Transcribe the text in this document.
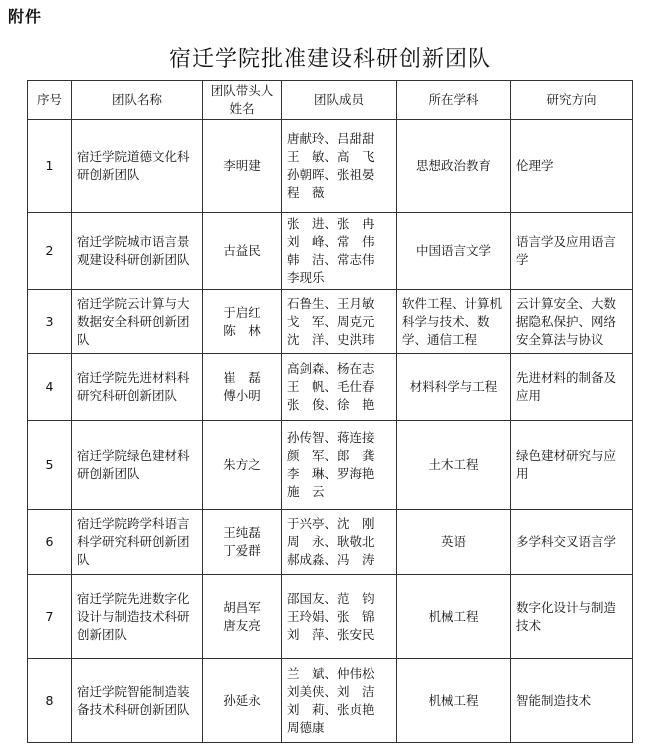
附件
宿迁学院批准建设科研创新团队
序号	团队名称	团队带头人姓名	团队成员	所在学科	研究方向
1	宿迁学院道德文化科研创新团队	李明建	唐献玲、吕甜甜
王　敏、高　飞
孙朝晖、张祖晏
程　薇	思想政治教育	伦理学
2	宿迁学院城市语言景观建设科研创新团队	古益民	张　进、张　冉
刘　峰、常　伟
韩　洁、常志伟
李现乐	中国语言文学	语言学及应用语言学
3	宿迁学院云计算与大数据安全科研创新团队	于启红
陈　林	石鲁生、王月敏
戈　军、周克元
沈　洋、史洪玮	软件工程、计算机科学与技术、数学、通信工程	云计算安全、大数据隐私保护、网络安全算法与协议
4	宿迁学院先进材料科研究科研创新团队	崔　磊
傅小明	高剑森、杨在志
王　帆、毛仕春
张　俊、徐　艳	材料科学与工程	先进材料的制备及应用
5	宿迁学院绿色建材科研创新团队	朱方之	孙传智、蒋连接
颜　军、郎　龚
李　琳、罗海艳
施　云	土木工程	绿色建材研究与应用
6	宿迁学院跨学科语言科学研究科研创新团队	王纯磊
丁爱群	于兴亭、沈　刚
周　永、耿敬北
郝成淼、冯　涛	英语	多学科交叉语言学
7	宿迁学院先进数字化设计与制造技术科研创新团队	胡昌军
唐友亮	邵国友、范　钧
王玲娟、张　锦
刘　萍、张安民	机械工程	数字化设计与制造技术
8	宿迁学院智能制造装备技术科研创新团队	孙延永	兰　斌、仲伟松
刘美侠、刘　洁
刘　莉、张贞艳
周德康	机械工程	智能制造技术
